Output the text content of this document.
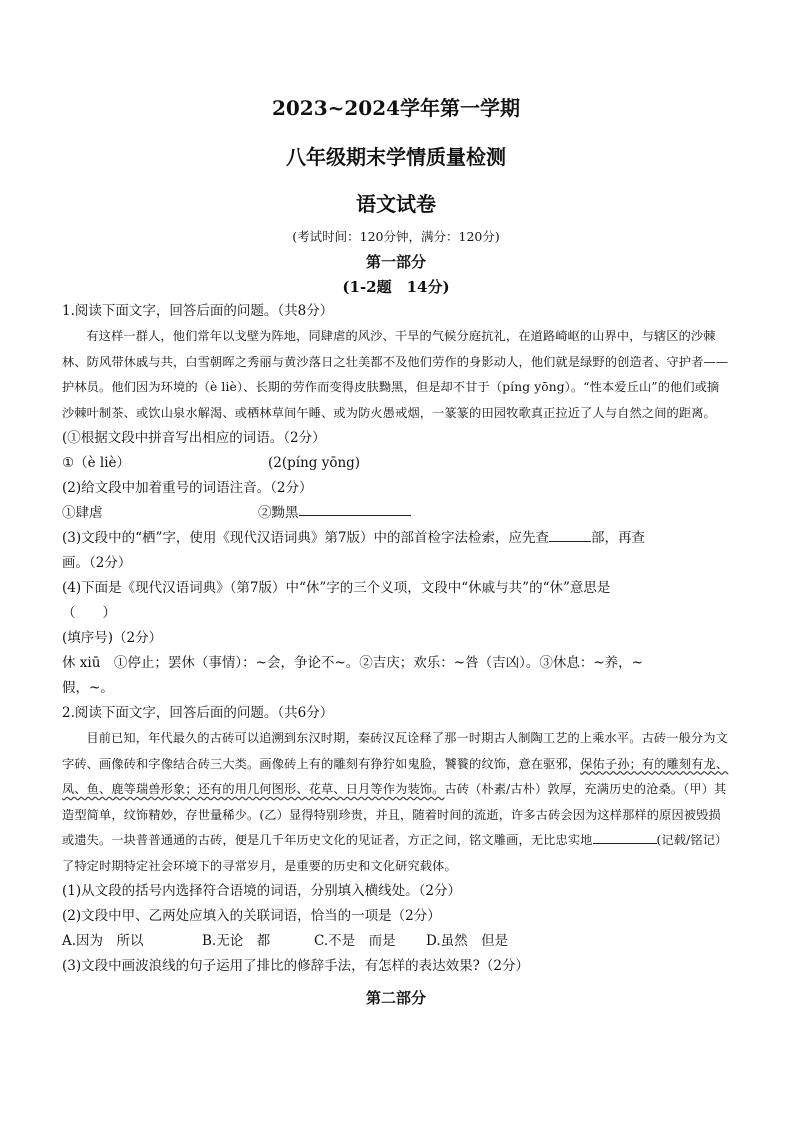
2023~2024学年第一学期

八年级期末学情质量检测

语文试卷

(考试时间：120分钟，满分：120分)
第一部分
(1-2题　14分)

1.阅读下面文字，回答后面的问题。（共8分）

有这样一群人，他们常年以戈壁为阵地，同肆虐的风沙、干旱的气候分庭抗礼，在道路崎岖的山界中，与辖区的沙棘林、防风带休戚与共，白雪朝晖之秀丽与黄沙落日之壮美都不及他们劳作的身影动人，他们就是绿野的创造者、守护者——护林员。他们因为环境的（è liè）、长期的劳作而变得皮肤黝黑，但是却不甘于（píng yōng）。“性本爱丘山”的他们或摘沙棘叶制茶、或饮山泉水解渴、或栖林草间午睡、或为防火愚戒烟，一篆篆的田园牧歌真正拉近了人与自然之间的距离。

(①根据文段中拼音写出相应的词语。（2分）

①（è liè）	(2(píng yōng)

(2)给文段中加着重号的词语注音。（2分）

①肆虐	②黝黑

(3)文段中的“栖”字，使用《现代汉语词典》第7版）中的部首检字法检索，应先查	部，再查

画。（2分）

(4)下面是《现代汉语词典》（第7版）中“休”字的三个义项，文段中“休戚与共”的“休”意思是

（　　）

(填序号)（2分）

休 xiū　①停止；罢休（事情）：~会，争论不~。②吉庆；欢乐：~咎（吉凶）。③休息：~养，~

假，~。

2.阅读下面文字，回答后面的问题。（共6分）

目前已知，年代最久的古砖可以追溯到东汉时期，秦砖汉瓦诠释了那一时期古人制陶工艺的上乘水平。古砖一般分为文字砖、画像砖和字像结合砖三大类。画像砖上有的雕刻有狰狞如鬼脸，饕餮的纹饰，意在驱邪，保佑子孙；有的雕刻有龙、凤、鱼、鹿等瑞兽形象；还有的用几何图形、花草、日月等作为装饰。古砖（朴素/古朴）敦厚，充满历史的沧桑。（甲）其造型简单，纹饰精妙，存世量稀少。(乙）显得特别珍贵，并且，随着时间的流逝，许多古砖会因为这样那样的原因被毁损或遗失。一块普普通通的古砖，便是几千年历史文化的见证者，方正之间，铭文雕画，无比忠实地	(记载/铭记）了特定时期特定社会环境下的寻常岁月，是重要的历史和文化研究载体。

(1)从文段的括号内选择符合语境的词语，分别填入横线处。（2分）

(2)文段中甲、乙两处应填入的关联词语，恰当的一项是（2分）

A.因为　所以	B.无论　都	C.不是　而是	D.虽然　但是

(3)文段中画波浪线的句子运用了排比的修辞手法，有怎样的表达效果?（2分）

第二部分
